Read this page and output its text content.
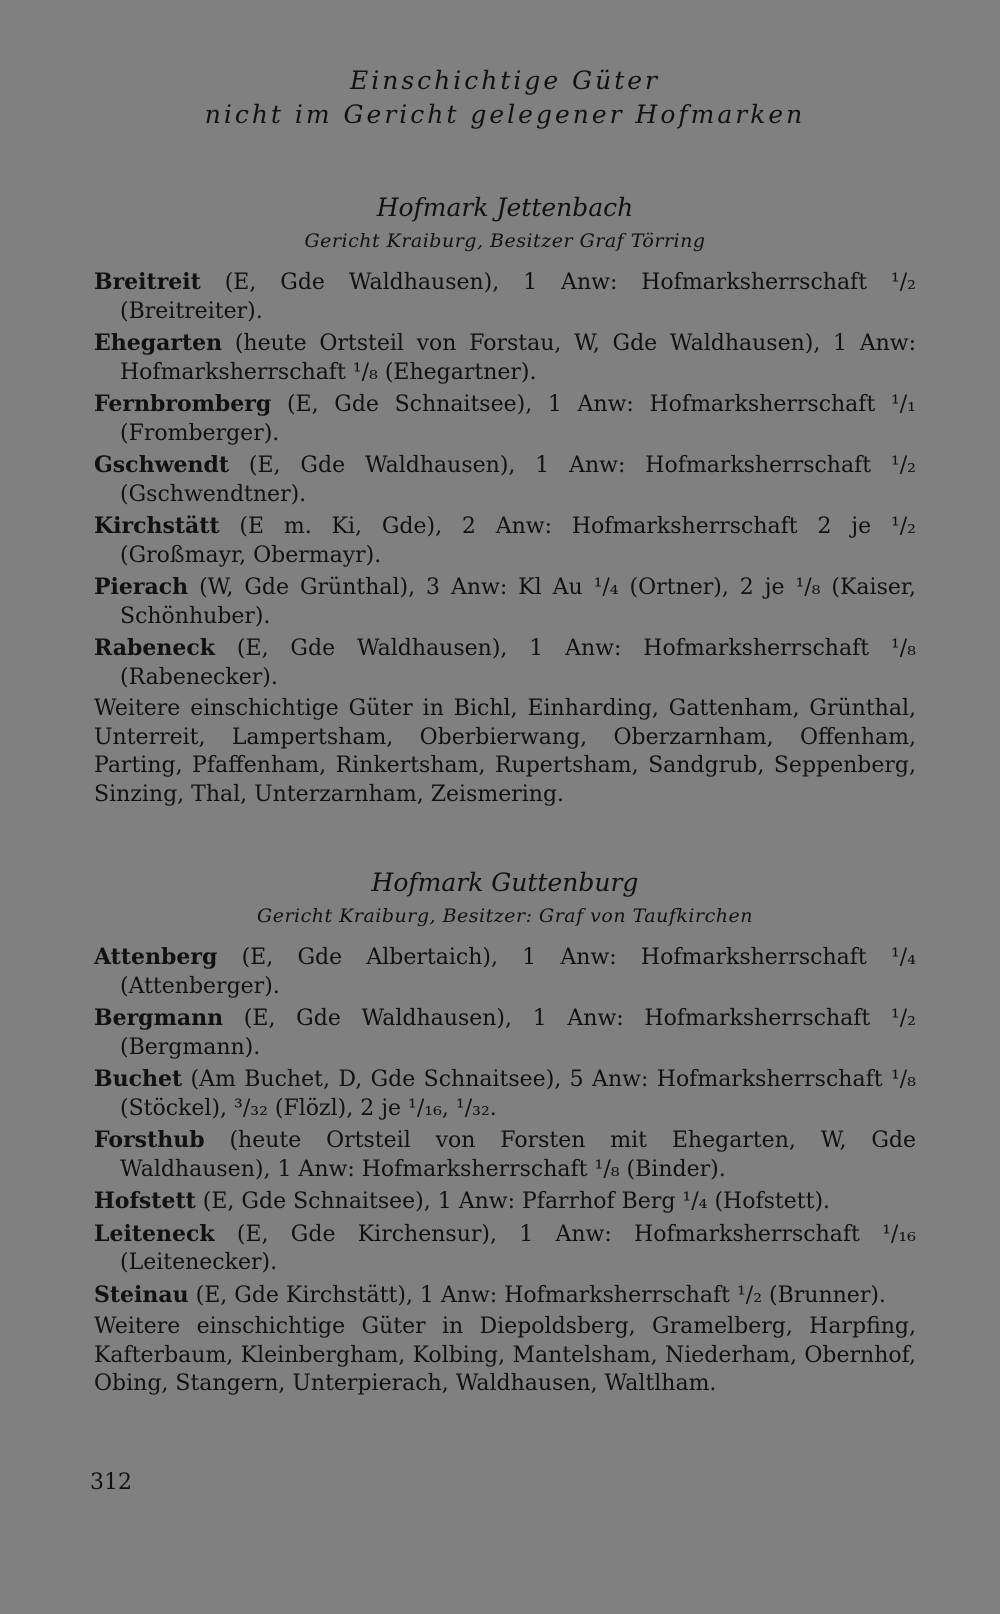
Einschichtige Güter
nicht im Gericht gelegener Hofmarken

Hofmark Jettenbach

Gericht Kraiburg, Besitzer Graf Törring

Breitreit (E, Gde Waldhausen), 1 Anw: Hofmarksherrschaft ¹/₂ (Breitreiter).
Ehegarten (heute Ortsteil von Forstau, W, Gde Waldhausen), 1 Anw: Hofmarksherrschaft ¹/₈ (Ehegartner).
Fernbromberg (E, Gde Schnaitsee), 1 Anw: Hofmarksherrschaft ¹/₁ (Fromberger).
Gschwendt (E, Gde Waldhausen), 1 Anw: Hofmarksherrschaft ¹/₂ (Gschwendtner).
Kirchstätt (E m. Ki, Gde), 2 Anw: Hofmarksherrschaft 2 je ¹/₂ (Großmayr, Obermayr).
Pierach (W, Gde Grünthal), 3 Anw: Kl Au ¹/₄ (Ortner), 2 je ¹/₈ (Kaiser, Schönhuber).
Rabeneck (E, Gde Waldhausen), 1 Anw: Hofmarksherrschaft ¹/₈ (Rabenecker).

Weitere einschichtige Güter in Bichl, Einharding, Gattenham, Grünthal, Unterreit, Lampertsham, Oberbierwang, Oberzarnham, Offenham, Parting, Pfaffenham, Rinkertsham, Rupertsham, Sandgrub, Seppenberg, Sinzing, Thal, Unterzarnham, Zeismering.

Hofmark Guttenburg

Gericht Kraiburg, Besitzer: Graf von Taufkirchen

Attenberg (E, Gde Albertaich), 1 Anw: Hofmarksherrschaft ¹/₄ (Attenberger).
Bergmann (E, Gde Waldhausen), 1 Anw: Hofmarksherrschaft ¹/₂ (Bergmann).
Buchet (Am Buchet, D, Gde Schnaitsee), 5 Anw: Hofmarksherrschaft ¹/₈ (Stöckel), ³/₃₂ (Flözl), 2 je ¹/₁₆, ¹/₃₂.
Forsthub (heute Ortsteil von Forsten mit Ehegarten, W, Gde Waldhausen), 1 Anw: Hofmarksherrschaft ¹/₈ (Binder).
Hofstett (E, Gde Schnaitsee), 1 Anw: Pfarrhof Berg ¹/₄ (Hofstett).
Leiteneck (E, Gde Kirchensur), 1 Anw: Hofmarksherrschaft ¹/₁₆ (Leitenecker).
Steinau (E, Gde Kirchstätt), 1 Anw: Hofmarksherrschaft ¹/₂ (Brunner).

Weitere einschichtige Güter in Diepoldsberg, Gramelberg, Harpfing, Kafterbaum, Kleinbergham, Kolbing, Mantelsham, Niederham, Obernhof, Obing, Stangern, Unterpierach, Waldhausen, Waltlham.

312
